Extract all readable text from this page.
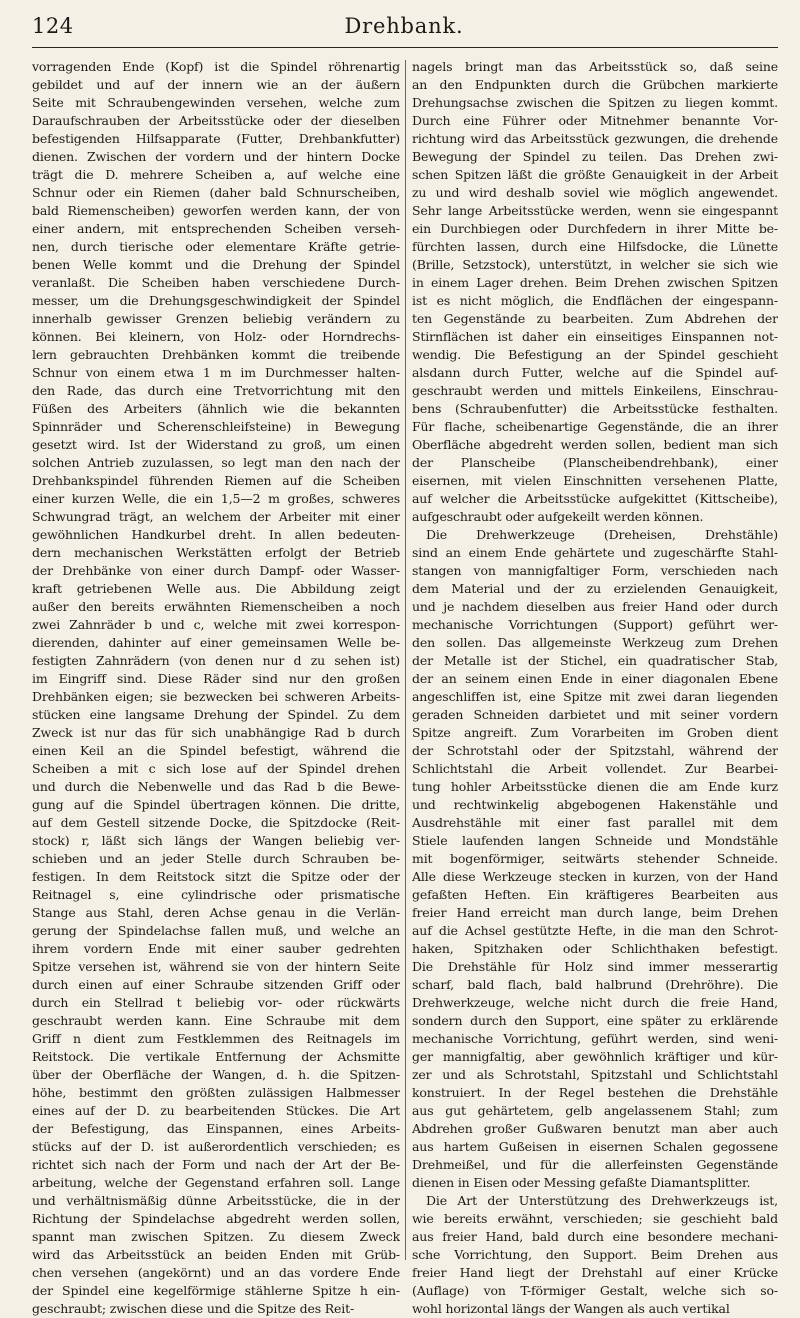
124	Drehbank.
vorragenden Ende (Kopf) ist die Spindel röhrenartig
gebildet und auf der innern wie an der äußern
Seite mit Schraubengewinden versehen, welche zum
Daraufschrauben der Arbeitsstücke oder der dieselben
befestigenden Hilfsapparate (Futter, Drehbankfutter)
dienen. Zwischen der vordern und der hintern Docke
trägt die D. mehrere Scheiben a, auf welche eine
Schnur oder ein Riemen (daher bald Schnurscheiben,
bald Riemenscheiben) geworfen werden kann, der von
einer andern, mit entsprechenden Scheiben verseh-
nen, durch tierische oder elementare Kräfte getrie-
benen Welle kommt und die Drehung der Spindel
veranlaßt. Die Scheiben haben verschiedene Durch-
messer, um die Drehungsgeschwindigkeit der Spindel
innerhalb gewisser Grenzen beliebig verändern zu
können. Bei kleinern, von Holz- oder Horndrechs-
lern gebrauchten Drehbänken kommt die treibende
Schnur von einem etwa 1 m im Durchmesser halten-
den Rade, das durch eine Tretvorrichtung mit den
Füßen des Arbeiters (ähnlich wie die bekannten
Spinnräder und Scherenschleifsteine) in Bewegung
gesetzt wird. Ist der Widerstand zu groß, um einen
solchen Antrieb zuzulassen, so legt man den nach der
Drehbankspindel führenden Riemen auf die Scheiben
einer kurzen Welle, die ein 1,5—2 m großes, schweres
Schwungrad trägt, an welchem der Arbeiter mit einer
gewöhnlichen Handkurbel dreht. In allen bedeuten-
dern mechanischen Werkstätten erfolgt der Betrieb
der Drehbänke von einer durch Dampf- oder Wasser-
kraft getriebenen Welle aus. Die Abbildung zeigt
außer den bereits erwähnten Riemenscheiben a noch
zwei Zahnräder b und c, welche mit zwei korrespon-
dierenden, dahinter auf einer gemeinsamen Welle be-
festigten Zahnrädern (von denen nur d zu sehen ist)
im Eingriff sind. Diese Räder sind nur den großen
Drehbänken eigen; sie bezwecken bei schweren Arbeits-
stücken eine langsame Drehung der Spindel. Zu dem
Zweck ist nur das für sich unabhängige Rad b durch
einen Keil an die Spindel befestigt, während die
Scheiben a mit c sich lose auf der Spindel drehen
und durch die Nebenwelle und das Rad b die Bewe-
gung auf die Spindel übertragen können. Die dritte,
auf dem Gestell sitzende Docke, die Spitzdocke (Reit-
stock) r, läßt sich längs der Wangen beliebig ver-
schieben und an jeder Stelle durch Schrauben be-
festigen. In dem Reitstock sitzt die Spitze oder der
Reitnagel s, eine cylindrische oder prismatische
Stange aus Stahl, deren Achse genau in die Verlän-
gerung der Spindelachse fallen muß, und welche an
ihrem vordern Ende mit einer sauber gedrehten
Spitze versehen ist, während sie von der hintern Seite
durch einen auf einer Schraube sitzenden Griff oder
durch ein Stellrad t beliebig vor- oder rückwärts
geschraubt werden kann. Eine Schraube mit dem
Griff n dient zum Festklemmen des Reitnagels im
Reitstock. Die vertikale Entfernung der Achsmitte
über der Oberfläche der Wangen, d. h. die Spitzen-
höhe, bestimmt den größten zulässigen Halbmesser
eines auf der D. zu bearbeitenden Stückes. Die Art
der Befestigung, das Einspannen, eines Arbeits-
stücks auf der D. ist außerordentlich verschieden; es
richtet sich nach der Form und nach der Art der Be-
arbeitung, welche der Gegenstand erfahren soll. Lange
und verhältnismäßig dünne Arbeitsstücke, die in der
Richtung der Spindelachse abgedreht werden sollen,
spannt man zwischen Spitzen. Zu diesem Zweck
wird das Arbeitsstück an beiden Enden mit Grüb-
chen versehen (angekörnt) und an das vordere Ende
der Spindel eine kegelförmige stählerne Spitze h ein-
geschraubt; zwischen diese und die Spitze des Reit-
nagels bringt man das Arbeitsstück so, daß seine
an den Endpunkten durch die Grübchen markierte
Drehungsachse zwischen die Spitzen zu liegen kommt.
Durch eine Führer oder Mitnehmer benannte Vor-
richtung wird das Arbeitsstück gezwungen, die drehende
Bewegung der Spindel zu teilen. Das Drehen zwi-
schen Spitzen läßt die größte Genauigkeit in der Arbeit
zu und wird deshalb soviel wie möglich angewendet.
Sehr lange Arbeitsstücke werden, wenn sie eingespannt
ein Durchbiegen oder Durchfedern in ihrer Mitte be-
fürchten lassen, durch eine Hilfsdocke, die Lünette
(Brille, Setzstock), unterstützt, in welcher sie sich wie
in einem Lager drehen. Beim Drehen zwischen Spitzen
ist es nicht möglich, die Endflächen der eingespann-
ten Gegenstände zu bearbeiten. Zum Abdrehen der
Stirnflächen ist daher ein einseitiges Einspannen not-
wendig. Die Befestigung an der Spindel geschieht
alsdann durch Futter, welche auf die Spindel auf-
geschraubt werden und mittels Einkeilens, Einschrau-
bens (Schraubenfutter) die Arbeitsstücke festhalten.
Für flache, scheibenartige Gegenstände, die an ihrer
Oberfläche abgedreht werden sollen, bedient man sich
der Planscheibe (Planscheibendrehbank), einer
eisernen, mit vielen Einschnitten versehenen Platte,
auf welcher die Arbeitsstücke aufgekittet (Kittscheibe),
aufgeschraubt oder aufgekeilt werden können.
Die Drehwerkzeuge (Dreheisen, Drehstähle)
sind an einem Ende gehärtete und zugeschärfte Stahl-
stangen von mannigfaltiger Form, verschieden nach
dem Material und der zu erzielenden Genauigkeit,
und je nachdem dieselben aus freier Hand oder durch
mechanische Vorrichtungen (Support) geführt wer-
den sollen. Das allgemeinste Werkzeug zum Drehen
der Metalle ist der Stichel, ein quadratischer Stab,
der an seinem einen Ende in einer diagonalen Ebene
angeschliffen ist, eine Spitze mit zwei daran liegenden
geraden Schneiden darbietet und mit seiner vordern
Spitze angreift. Zum Vorarbeiten im Groben dient
der Schrotstahl oder der Spitzstahl, während der
Schlichtstahl die Arbeit vollendet. Zur Bearbei-
tung hohler Arbeitsstücke dienen die am Ende kurz
und rechtwinkelig abgebogenen Hakenstähle und
Ausdrehstähle mit einer fast parallel mit dem
Stiele laufenden langen Schneide und Mondstähle
mit bogenförmiger, seitwärts stehender Schneide.
Alle diese Werkzeuge stecken in kurzen, von der Hand
gefaßten Heften. Ein kräftigeres Bearbeiten aus
freier Hand erreicht man durch lange, beim Drehen
auf die Achsel gestützte Hefte, in die man den Schrot-
haken, Spitzhaken oder Schlichthaken befestigt.
Die Drehstähle für Holz sind immer messerartig
scharf, bald flach, bald halbrund (Drehröhre). Die
Drehwerkzeuge, welche nicht durch die freie Hand,
sondern durch den Support, eine später zu erklärende
mechanische Vorrichtung, geführt werden, sind weni-
ger mannigfaltig, aber gewöhnlich kräftiger und kür-
zer und als Schrotstahl, Spitzstahl und Schlichtstahl
konstruiert. In der Regel bestehen die Drehstähle
aus gut gehärtetem, gelb angelassenem Stahl; zum
Abdrehen großer Gußwaren benutzt man aber auch
aus hartem Gußeisen in eisernen Schalen gegossene
Drehmeißel, und für die allerfeinsten Gegenstände
dienen in Eisen oder Messing gefaßte Diamantsplitter.
Die Art der Unterstützung des Drehwerkzeugs ist,
wie bereits erwähnt, verschieden; sie geschieht bald
aus freier Hand, bald durch eine besondere mechani-
sche Vorrichtung, den Support. Beim Drehen aus
freier Hand liegt der Drehstahl auf einer Krücke
(Auflage) von T-förmiger Gestalt, welche sich so-
wohl horizontal längs der Wangen als auch vertikal
